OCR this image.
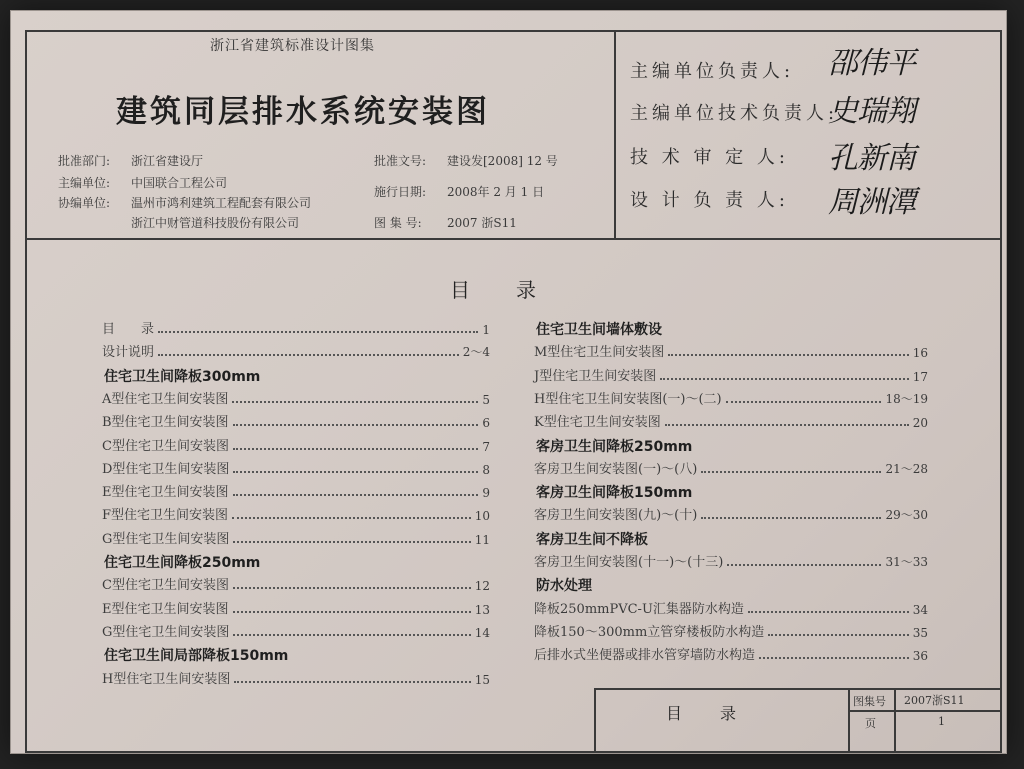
浙江省建筑标准设计图集
建筑同层排水系统安装图
批准部门: 浙江省建设厅
主编单位: 中国联合工程公司
协编单位: 温州市鸿利建筑工程配套有限公司
浙江中财管道科技股份有限公司
批准文号: 建设发[2008] 12 号
施行日期: 2008年 2 月 1 日
图 集 号: 2007 浙S11
主编单位负责人: 邵伟平
主编单位技术负责人:
史瑞翔
技 术 审 定 人: 孔新南
设 计 负 责 人: 周洲潭
目　　录
目　　录	1
设计说明	2～4
住宅卫生间降板300mm
A型住宅卫生间安装图	5
B型住宅卫生间安装图	6
C型住宅卫生间安装图	7
D型住宅卫生间安装图	8
E型住宅卫生间安装图	9
F型住宅卫生间安装图	10
G型住宅卫生间安装图	11
住宅卫生间降板250mm
C型住宅卫生间安装图	12
E型住宅卫生间安装图	13
G型住宅卫生间安装图	14
住宅卫生间局部降板150mm
H型住宅卫生间安装图	15
住宅卫生间墙体敷设
M型住宅卫生间安装图	16
J型住宅卫生间安装图	17
H型住宅卫生间安装图(一)～(二)	18～19
K型住宅卫生间安装图	20
客房卫生间降板250mm
客房卫生间安装图(一)～(八)	21～28
客房卫生间降板150mm
客房卫生间安装图(九)～(十)	29～30
客房卫生间不降板
客房卫生间安装图(十一)～(十三)	31～33
防水处理
降板250mmPVC-U汇集器防水构造	34
降板150～300mm立管穿楼板防水构造	35
后排水式坐便器或排水管穿墙防水构造	36
目　　录
图集号 2007浙S11
页	1
